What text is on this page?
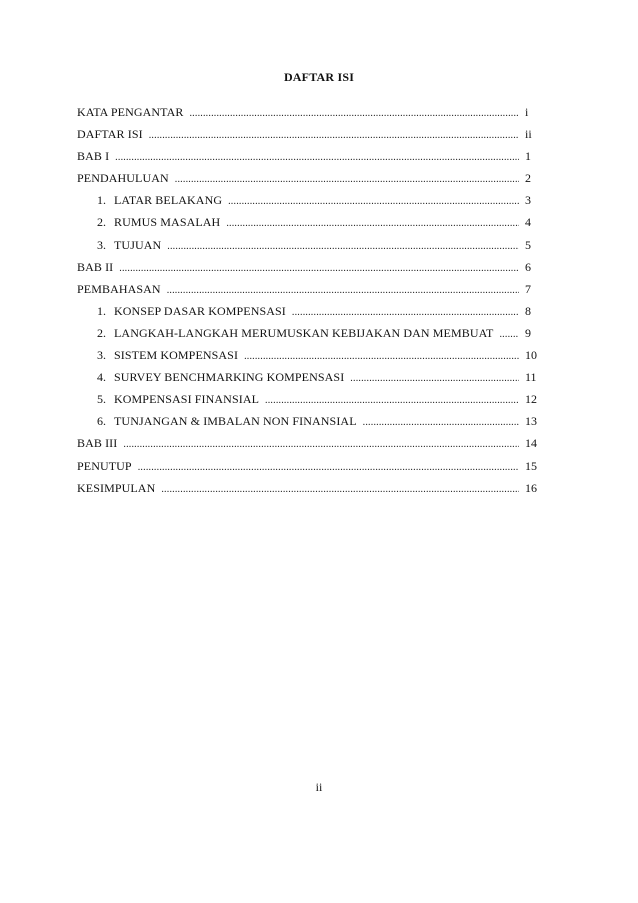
DAFTAR ISI
KATA PENGANTAR .....	i
DAFTAR ISI .....	ii
BAB I .....	1
PENDAHULUAN .....	2
1. LATAR BELAKANG .....	3
2. RUMUS MASALAH .....	4
3. TUJUAN .....	5
BAB II .....	6
PEMBAHASAN .....	7
1. KONSEP DASAR KOMPENSASI .....	8
2. LANGKAH-LANGKAH MERUMUSKAN KEBIJAKAN DAN MEMBUAT .....	9
3. SISTEM KOMPENSASI .....	10
4. SURVEY BENCHMARKING KOMPENSASI .....	11
5. KOMPENSASI FINANSIAL .....	12
6. TUNJANGAN & IMBALAN NON FINANSIAL .....	13
BAB III .....	14
PENUTUP .....	15
KESIMPULAN .....	16
ii
